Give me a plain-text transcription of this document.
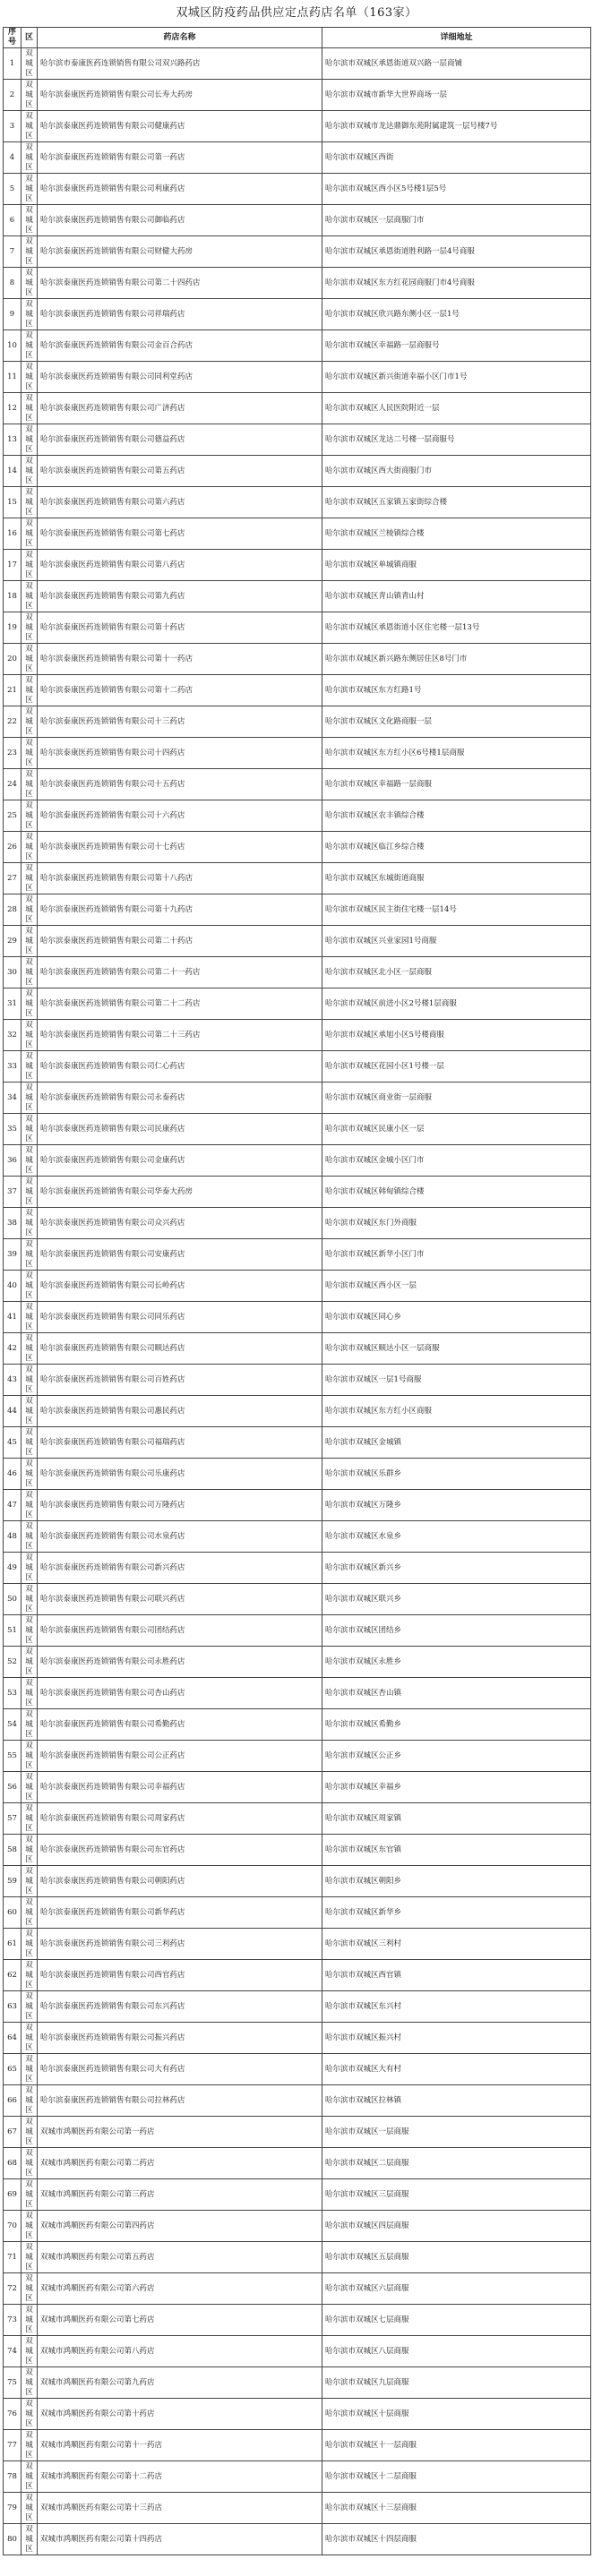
双城区防疫药品供应定点药店名单（163家）
序号	区	药店名称	详细地址
1	双城区	哈尔滨市泰康医药连锁销售有限公司双兴路药店	哈尔滨市双城区承恩街道双兴路一层商铺
2	双城区	哈尔滨泰康医药连锁销售有限公司长寿大药房	哈尔滨市双城市新华大世界商场一层
3	双城区	哈尔滨泰康医药连锁销售有限公司健康药店	哈尔滨市双城市龙达鼎御东苑附属建筑一层号楼7号
4	双城区	哈尔滨泰康医药连锁销售有限公司第一药店	哈尔滨市双城区西街
5	双城区	哈尔滨泰康医药连锁销售有限公司利康药店	哈尔滨市双城区西小区5号楼1层5号
6	双城区	哈尔滨泰康医药连锁销售有限公司御临药店	哈尔滨市双城区一层商服门市
7	双城区	哈尔滨泰康医药连锁销售有限公司财健大药房	哈尔滨市双城区承恩街道胜利路一层4号商服
8	双城区	哈尔滨泰康医药连锁销售有限公司第二十四药店	哈尔滨市双城区东方红花园商服门市4号商服
9	双城区	哈尔滨泰康医药连锁销售有限公司祥瑞药店	哈尔滨市双城区欣兴路东侧小区一层1号
10	双城区	哈尔滨泰康医药连锁销售有限公司金百合药店	哈尔滨市双城区幸福路一层商服号
11	双城区	哈尔滨泰康医药连锁销售有限公司同利堂药店	哈尔滨市双城区新兴街道幸福小区门市1号
12	双城区	哈尔滨泰康医药连锁销售有限公司广济药店	哈尔滨市双城区人民医院附近一层
13	双城区	哈尔滨泰康医药连锁销售有限公司德益药店	哈尔滨市双城区龙达二号楼一层商服号
14	双城区	哈尔滨泰康医药连锁销售有限公司第五药店	哈尔滨市双城区西大街商服门市
15	双城区	哈尔滨泰康医药连锁销售有限公司第六药店	哈尔滨市双城区五家镇五家街综合楼
16	双城区	哈尔滨泰康医药连锁销售有限公司第七药店	哈尔滨市双城区兰棱镇综合楼
17	双城区	哈尔滨泰康医药连锁销售有限公司第八药店	哈尔滨市双城区单城镇商服
18	双城区	哈尔滨泰康医药连锁销售有限公司第九药店	哈尔滨市双城区青山镇青山村
19	双城区	哈尔滨泰康医药连锁销售有限公司第十药店	哈尔滨市双城区承恩街道小区住宅楼一层13号
20	双城区	哈尔滨泰康医药连锁销售有限公司第十一药店	哈尔滨市双城区新兴路东侧居住区8号门市
21	双城区	哈尔滨泰康医药连锁销售有限公司第十二药店	哈尔滨市双城区东方红路1号
22	双城区	哈尔滨泰康医药连锁销售有限公司十三药店	哈尔滨市双城区文化路商服一层
23	双城区	哈尔滨泰康医药连锁销售有限公司十四药店	哈尔滨市双城区东方红小区6号楼1层商服
24	双城区	哈尔滨泰康医药连锁销售有限公司十五药店	哈尔滨市双城区幸福路一层商服
25	双城区	哈尔滨泰康医药连锁销售有限公司十六药店	哈尔滨市双城区农丰镇综合楼
26	双城区	哈尔滨泰康医药连锁销售有限公司十七药店	哈尔滨市双城区临江乡综合楼
27	双城区	哈尔滨泰康医药连锁销售有限公司第十八药店	哈尔滨市双城区东城街道商服
28	双城区	哈尔滨泰康医药连锁销售有限公司第十九药店	哈尔滨市双城区民主街住宅楼一层14号
29	双城区	哈尔滨泰康医药连锁销售有限公司第二十药店	哈尔滨市双城区兴业家园1号商服
30	双城区	哈尔滨泰康医药连锁销售有限公司第二十一药店	哈尔滨市双城区北小区一层商服
31	双城区	哈尔滨泰康医药连锁销售有限公司第二十二药店	哈尔滨市双城区前进小区2号楼1层商服
32	双城区	哈尔滨泰康医药连锁销售有限公司第二十三药店	哈尔滨市双城区承旭小区5号楼商服
33	双城区	哈尔滨泰康医药连锁销售有限公司仁心药店	哈尔滨市双城区花园小区1号楼一层
34	双城区	哈尔滨泰康医药连锁销售有限公司永泰药店	哈尔滨市双城区商业街一层商服
35	双城区	哈尔滨泰康医药连锁销售有限公司民康药店	哈尔滨市双城区民康小区一层
36	双城区	哈尔滨泰康医药连锁销售有限公司金康药店	哈尔滨市双城区金城小区门市
37	双城区	哈尔滨泰康医药连锁销售有限公司华泰大药房	哈尔滨市双城区韩甸镇综合楼
38	双城区	哈尔滨泰康医药连锁销售有限公司众兴药店	哈尔滨市双城区东门外商服
39	双城区	哈尔滨泰康医药连锁销售有限公司安康药店	哈尔滨市双城区新华小区门市
40	双城区	哈尔滨泰康医药连锁销售有限公司长岭药店	哈尔滨市双城区西小区一层
41	双城区	哈尔滨泰康医药连锁销售有限公司同乐药店	哈尔滨市双城区同心乡
42	双城区	哈尔滨泰康医药连锁销售有限公司顺达药店	哈尔滨市双城区顺达小区一层商服
43	双城区	哈尔滨泰康医药连锁销售有限公司百姓药店	哈尔滨市双城区一层1号商服
44	双城区	哈尔滨泰康医药连锁销售有限公司惠民药店	哈尔滨市双城区东方红小区商服
45	双城区	哈尔滨泰康医药连锁销售有限公司福瑞药店	哈尔滨市双城区金城镇
46	双城区	哈尔滨泰康医药连锁销售有限公司乐康药店	哈尔滨市双城区乐群乡
47	双城区	哈尔滨泰康医药连锁销售有限公司万隆药店	哈尔滨市双城区万隆乡
48	双城区	哈尔滨泰康医药连锁销售有限公司水泉药店	哈尔滨市双城区水泉乡
49	双城区	哈尔滨泰康医药连锁销售有限公司新兴药店	哈尔滨市双城区新兴乡
50	双城区	哈尔滨泰康医药连锁销售有限公司联兴药店	哈尔滨市双城区联兴乡
51	双城区	哈尔滨泰康医药连锁销售有限公司团结药店	哈尔滨市双城区团结乡
52	双城区	哈尔滨泰康医药连锁销售有限公司永胜药店	哈尔滨市双城区永胜乡
53	双城区	哈尔滨泰康医药连锁销售有限公司杏山药店	哈尔滨市双城区杏山镇
54	双城区	哈尔滨泰康医药连锁销售有限公司希勤药店	哈尔滨市双城区希勤乡
55	双城区	哈尔滨泰康医药连锁销售有限公司公正药店	哈尔滨市双城区公正乡
56	双城区	哈尔滨泰康医药连锁销售有限公司幸福药店	哈尔滨市双城区幸福乡
57	双城区	哈尔滨泰康医药连锁销售有限公司周家药店	哈尔滨市双城区周家镇
58	双城区	哈尔滨泰康医药连锁销售有限公司东官药店	哈尔滨市双城区东官镇
59	双城区	哈尔滨泰康医药连锁销售有限公司朝阳药店	哈尔滨市双城区朝阳乡
60	双城区	哈尔滨泰康医药连锁销售有限公司新华药店	哈尔滨市双城区新华乡
61	双城区	哈尔滨泰康医药连锁销售有限公司三利药店	哈尔滨市双城区三利村
62	双城区	哈尔滨泰康医药连锁销售有限公司西官药店	哈尔滨市双城区西官镇
63	双城区	哈尔滨泰康医药连锁销售有限公司东兴药店	哈尔滨市双城区东兴村
64	双城区	哈尔滨泰康医药连锁销售有限公司振兴药店	哈尔滨市双城区振兴村
65	双城区	哈尔滨泰康医药连锁销售有限公司大有药店	哈尔滨市双城区大有村
66	双城区	哈尔滨泰康医药连锁销售有限公司拉林药店	哈尔滨市双城区拉林镇
67	双城区	双城市鸿顺医药有限公司第一药店	哈尔滨市双城区一层商服
68	双城区	双城市鸿顺医药有限公司第二药店	哈尔滨市双城区二层商服
69	双城区	双城市鸿顺医药有限公司第三药店	哈尔滨市双城区三层商服
70	双城区	双城市鸿顺医药有限公司第四药店	哈尔滨市双城区四层商服
71	双城区	双城市鸿顺医药有限公司第五药店	哈尔滨市双城区五层商服
72	双城区	双城市鸿顺医药有限公司第六药店	哈尔滨市双城区六层商服
73	双城区	双城市鸿顺医药有限公司第七药店	哈尔滨市双城区七层商服
74	双城区	双城市鸿顺医药有限公司第八药店	哈尔滨市双城区八层商服
75	双城区	双城市鸿顺医药有限公司第九药店	哈尔滨市双城区九层商服
76	双城区	双城市鸿顺医药有限公司第十药店	哈尔滨市双城区十层商服
77	双城区	双城市鸿顺医药有限公司第十一药店	哈尔滨市双城区十一层商服
78	双城区	双城市鸿顺医药有限公司第十二药店	哈尔滨市双城区十二层商服
79	双城区	双城市鸿顺医药有限公司第十三药店	哈尔滨市双城区十三层商服
80	双城区	双城市鸿顺医药有限公司第十四药店	哈尔滨市双城区十四层商服
